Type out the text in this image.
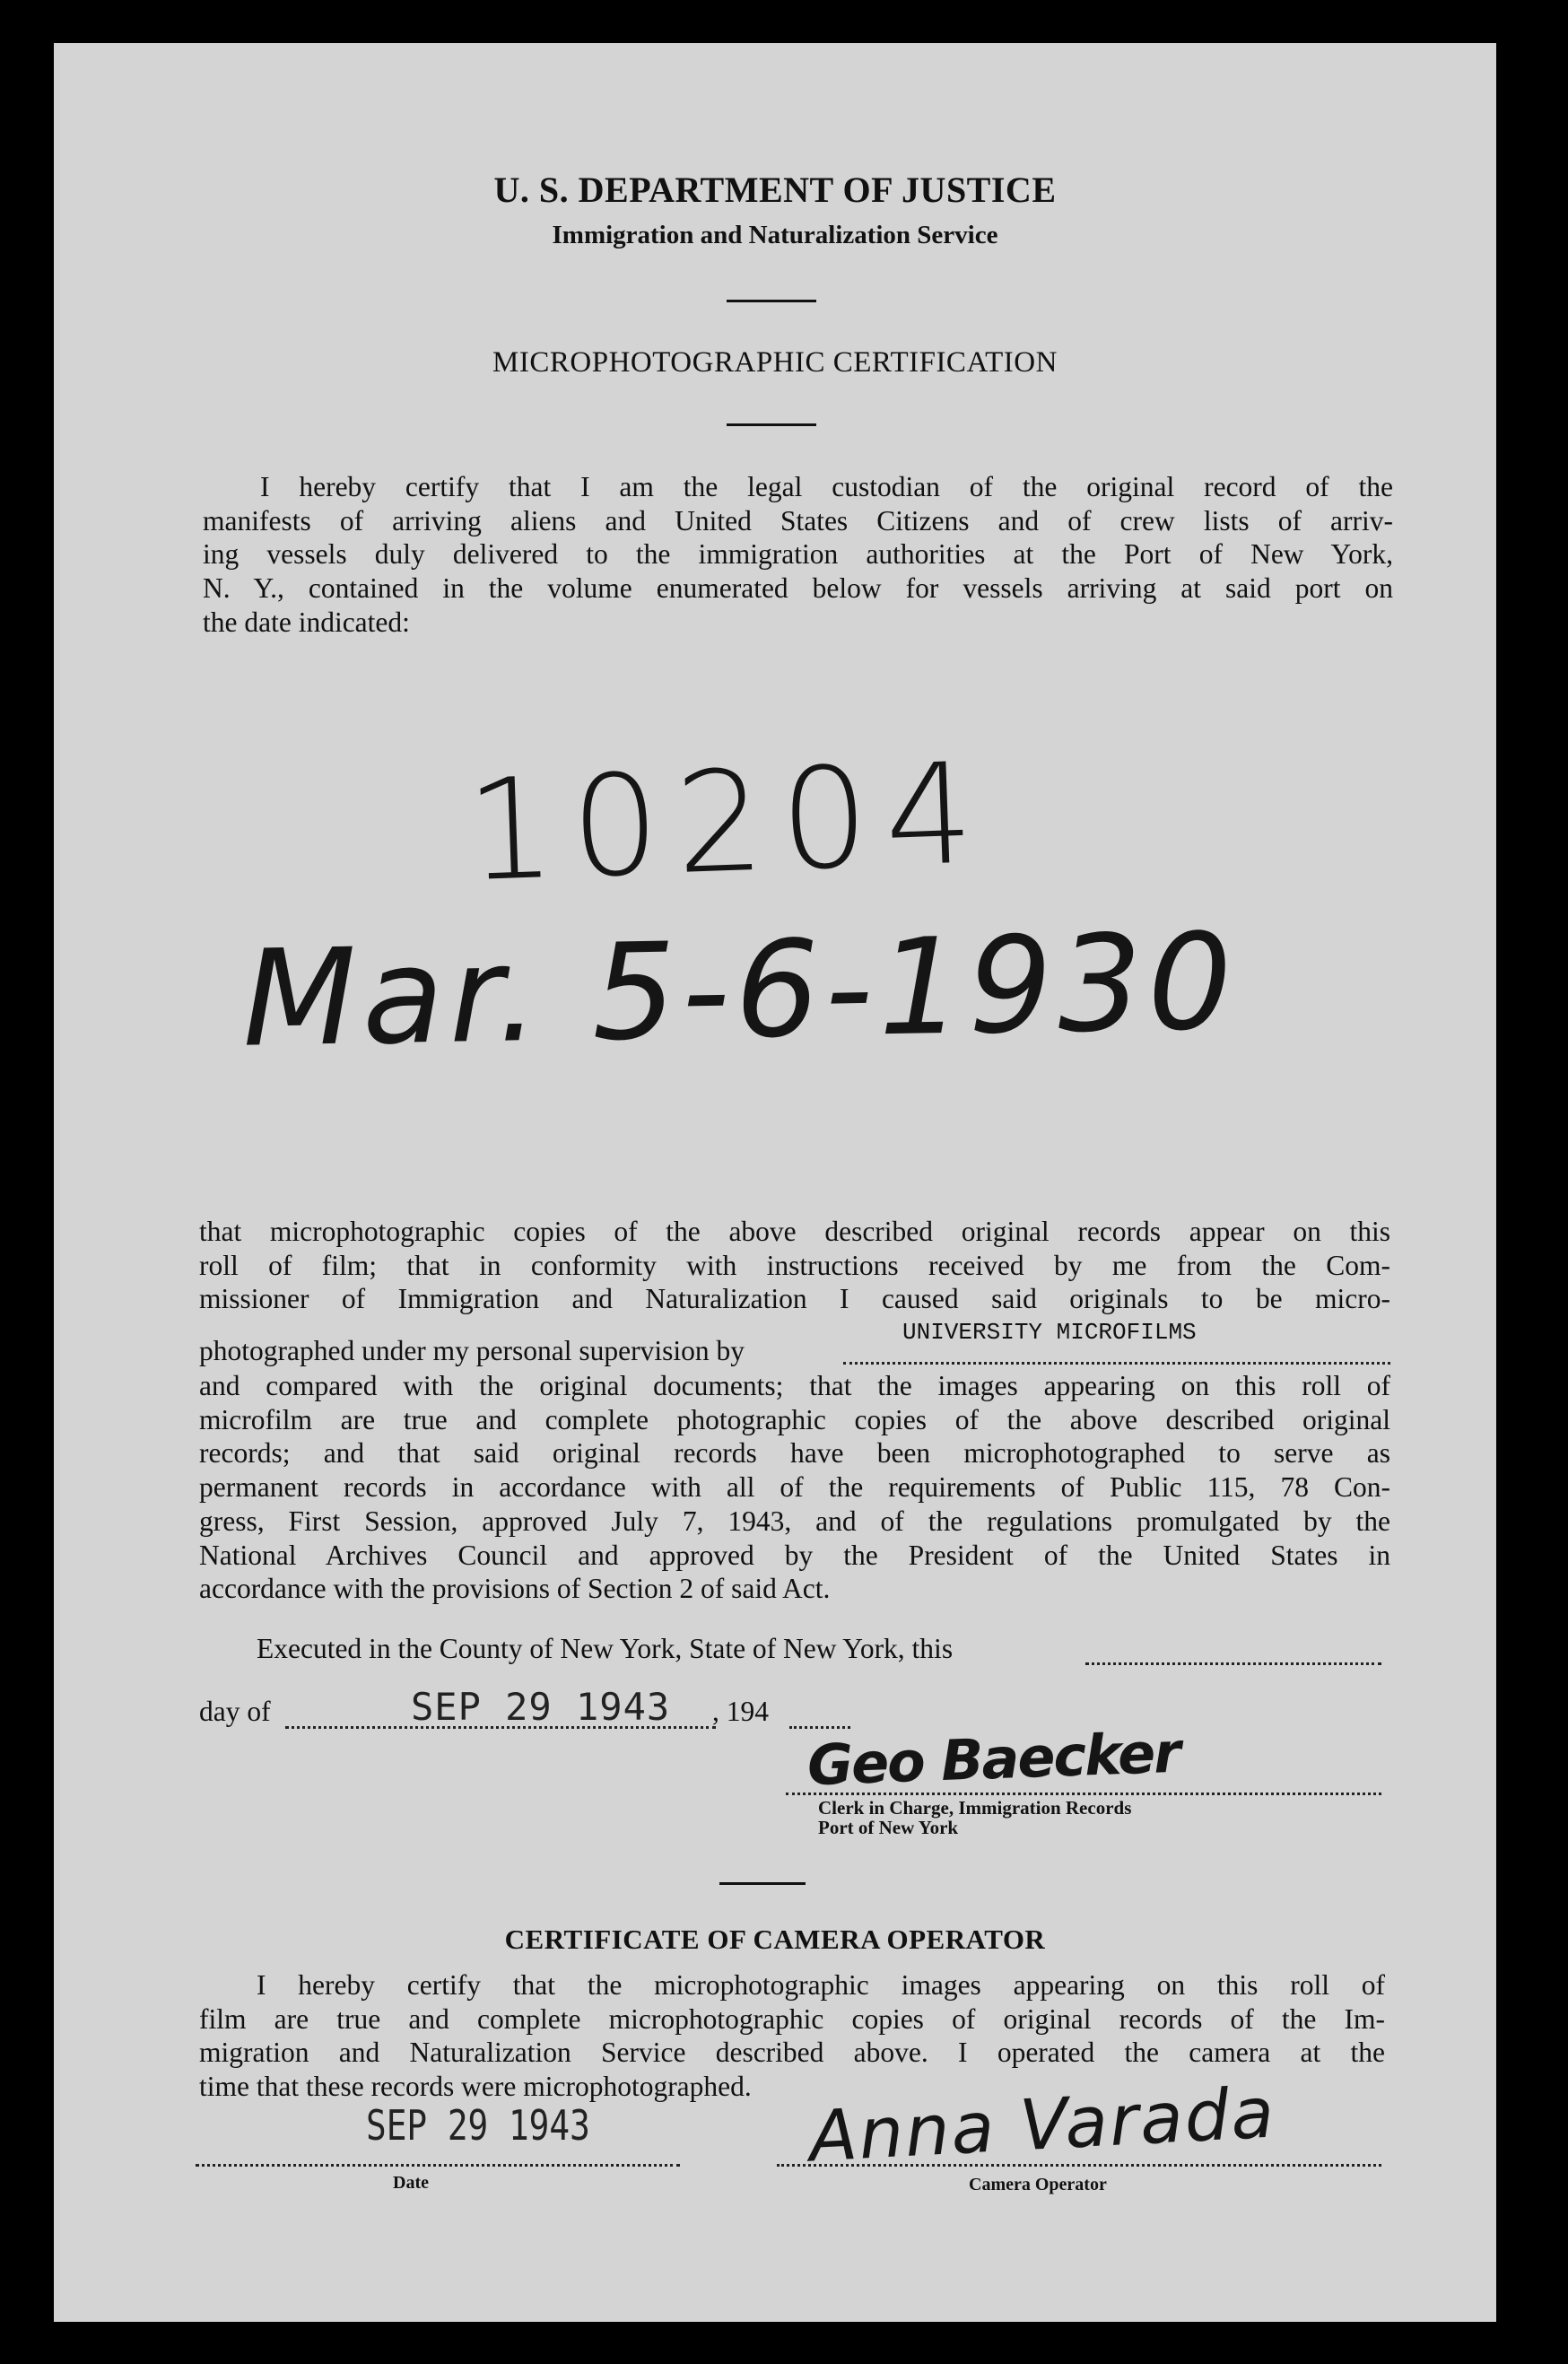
U. S. DEPARTMENT OF JUSTICE
Immigration and Naturalization Service
MICROPHOTOGRAPHIC CERTIFICATION
I hereby certify that I am the legal custodian of the original record of the
manifests of arriving aliens and United States Citizens and of crew lists of arriv-
ing vessels duly delivered to the immigration authorities at the Port of New York,
N. Y., contained in the volume enumerated below for vessels arriving at said port on
the date indicated:
10204
Mar. 5-6-1930
that microphotographic copies of the above described original records appear on this
roll of film; that in conformity with instructions received by me from the Com-
missioner of Immigration and Naturalization I caused said originals to be micro-
photographed under my personal supervision by
UNIVERSITY MICROFILMS
and compared with the original documents; that the images appearing on this roll of
microfilm are true and complete photographic copies of the above described original
records; and that said original records have been microphotographed to serve as
permanent records in accordance with all of the requirements of Public 115, 78 Con-
gress, First Session, approved July 7, 1943, and of the regulations promulgated by the
National Archives Council and approved by the President of the United States in
accordance with the provisions of Section 2 of said Act.
Executed in the County of New York, State of New York, this
day of	SEP 29 1943 , 194
Geo Baecker
Clerk in Charge, Immigration Records
Port of New York
CERTIFICATE OF CAMERA OPERATOR
I hereby certify that the microphotographic images appearing on this roll of
film are true and complete microphotographic copies of original records of the Im-
migration and Naturalization Service described above. I operated the camera at the
time that these records were microphotographed.
SEP 29 1943
Date
Anna Varada
Camera Operator
